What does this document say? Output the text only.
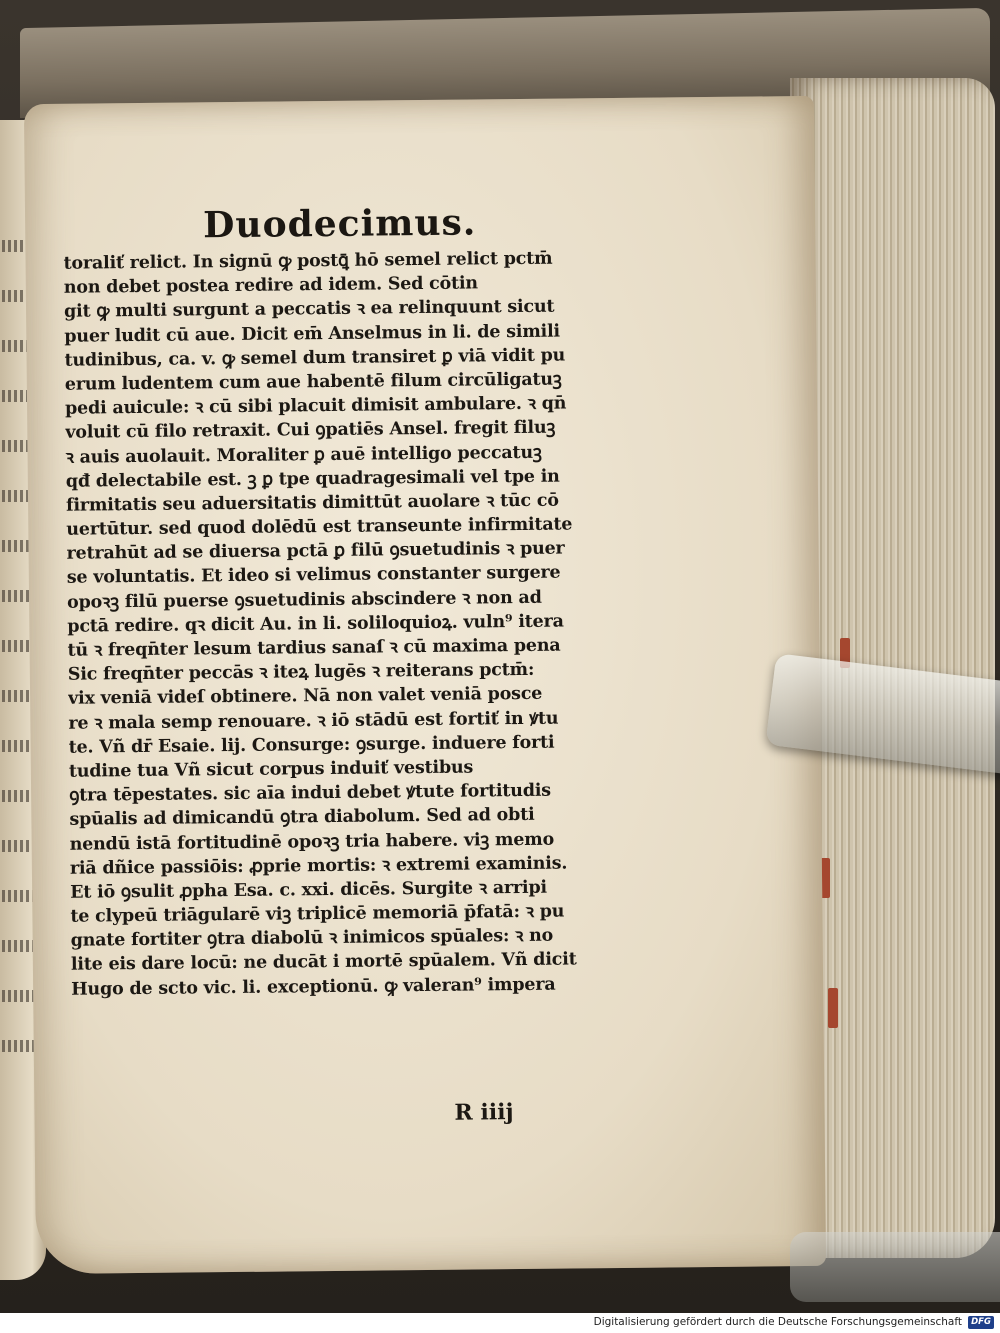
Duodecimus.
toraliť relict. In signū ꝙ postꝗ̄ hō semel relict pctm̄
non debet postea redire ad idem. Sed cōtin
git ꝙ multi surgunt a peccatis ꝛ ea relinquunt sicut
puer ludit cū aue. Dicit em̄ Anselmus in li. de simili
tudinibus, ca. v. ꝙ semel dum transiret ꝑ viā vidit pu
erum ludentem cum aue habentē filum circūligatuꝫ
pedi auicule: ꝛ cū sibi placuit dimisit ambulare. ꝛ qn̄
voluit cū filo retraxit. Cui ꝯpatiēs Ansel. fregit filuꝫ
ꝛ auis auolauit. Moraliter ꝑ auē intelligo peccatuꝫ
qđ delectabile est. ꝫ ꝑ tpe quadragesimali vel tpe in
firmitatis seu aduersitatis dimittūt auolare ꝛ tūc cō
uertūtur. sed quod dolēdū est transeunte infirmitate
retrahūt ad se diuersa pctā ꝑ filū ꝯsuetudinis ꝛ puer
se voluntatis. Et ideo si velimus constanter surgere
opoꝛꝫ filū puerse ꝯsuetudinis abscindere ꝛ non ad
pctā redire. qꝛ dicit Au. in li. soliloquioꝝ. vuln⁹ itera
tū ꝛ freqn̄ter lesum tardius sanaſ ꝛ cū maxima pena
Sic freqn̄ter peccās ꝛ iteꝝ lugēs ꝛ reiterans pctm̄:
vix veniā videſ obtinere. Nā non valet veniā posce
re ꝛ mala semp renouare. ꝛ iō stādū est fortiť in ꝟtu
te. Vñ dr̄ Esaie. lij. Consurge: ꝯsurge. induere forti
tudine tua Vñ sicut corpus induiť vestibus
ꝯtra tēpestates. sic aīa indui debet ꝟtute fortitudis
spūalis ad dimicandū ꝯtra diabolum. Sed ad obti
nendū istā fortitudinē opoꝛꝫ tria habere. viꝫ memo
riā dñice passiōis: ꝓprie mortis: ꝛ extremi examinis.
Et iō ꝯsulit ꝓpha Esa. c. xxi. dicēs. Surgite ꝛ arripi
te clypeū triāgularē viꝫ triplicē memoriā p̄fatā: ꝛ pu
gnate fortiter ꝯtra diabolū ꝛ inimicos spūales: ꝛ no
lite eis dare locū: ne ducāt i mortē spūalem. Vñ dicit
Hugo de scto vic. li. exceptionū. ꝙ valeran⁹ impera
R iiij
Digitalisierung gefördert durch die Deutsche Forschungsgemeinschaft	DFG
